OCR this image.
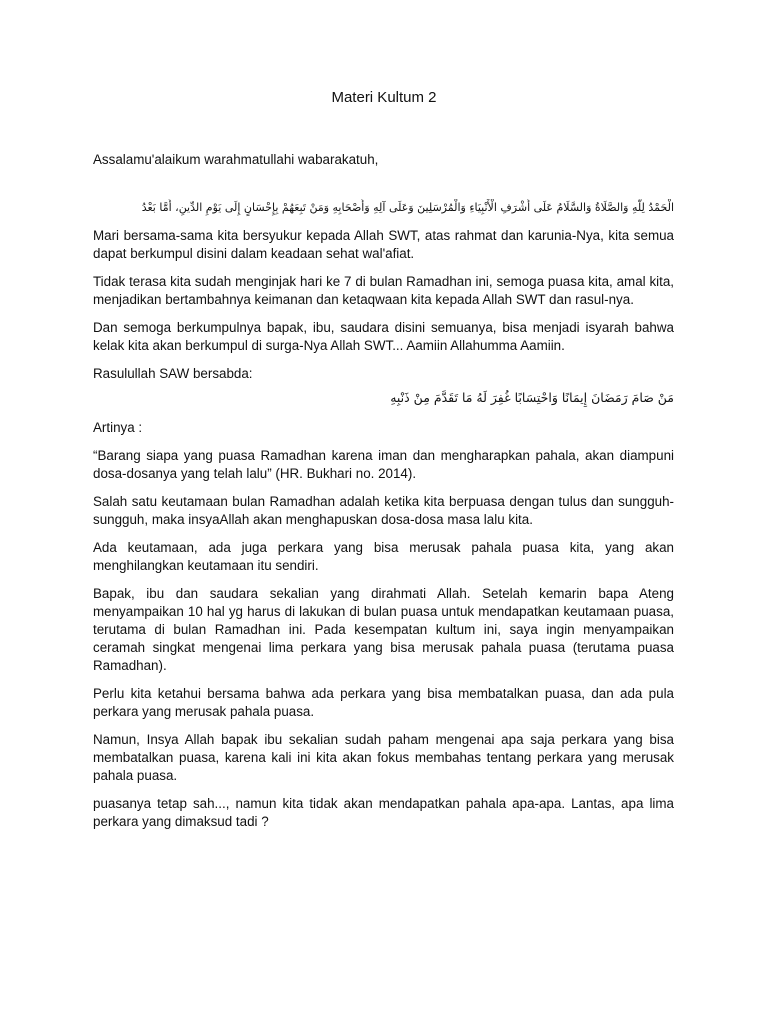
Materi Kultum 2

Assalamu'alaikum warahmatullahi wabarakatuh,

الْحَمْدُ لِلَّهِ وَالصَّلَاةُ وَالسَّلَامُ عَلَى أَشْرَفِ الْأَنْبِيَاءِ وَالْمُرْسَلِينَ وَعَلَى آلِهِ وَأَصْحَابِهِ وَمَنْ تَبِعَهُمْ بِإِحْسَانٍ إِلَى يَوْمِ الدِّينِ، أَمَّا بَعْدُ

Mari bersama-sama kita bersyukur kepada Allah SWT, atas rahmat dan karunia-Nya, kita semua dapat berkumpul disini dalam keadaan sehat wal'afiat.

Tidak terasa kita sudah menginjak hari ke 7 di bulan Ramadhan ini, semoga puasa kita, amal kita, menjadikan bertambahnya keimanan dan ketaqwaan kita kepada Allah SWT dan rasul-nya.

Dan semoga berkumpulnya bapak, ibu, saudara disini semuanya, bisa menjadi isyarah bahwa kelak kita akan berkumpul di surga-Nya Allah SWT... Aamiin Allahumma Aamiin.

Rasulullah SAW bersabda:

مَنْ صَامَ رَمَضَانَ إِيمَانًا وَاحْتِسَابًا غُفِرَ لَهُ مَا تَقَدَّمَ مِنْ ذَنْبِهِ

Artinya :

“Barang siapa yang puasa Ramadhan karena iman dan mengharapkan pahala, akan diampuni dosa-dosanya yang telah lalu” (HR. Bukhari no. 2014).

Salah satu keutamaan bulan Ramadhan adalah ketika kita berpuasa dengan tulus dan sungguh-sungguh, maka insyaAllah akan menghapuskan dosa-dosa masa lalu kita.

Ada keutamaan, ada juga perkara yang bisa merusak pahala puasa kita, yang akan menghilangkan keutamaan itu sendiri.

Bapak, ibu dan saudara sekalian yang dirahmati Allah. Setelah kemarin bapa Ateng menyampaikan 10 hal yg harus di lakukan di bulan puasa untuk mendapatkan keutamaan puasa, terutama di bulan Ramadhan ini. Pada kesempatan kultum ini, saya ingin menyampaikan ceramah singkat mengenai lima perkara yang bisa merusak pahala puasa (terutama puasa Ramadhan).

Perlu kita ketahui bersama bahwa ada perkara yang bisa membatalkan puasa, dan ada pula perkara yang merusak pahala puasa.

Namun, Insya Allah bapak ibu sekalian sudah paham mengenai apa saja perkara yang bisa membatalkan puasa, karena kali ini kita akan fokus membahas tentang perkara yang merusak pahala puasa.

puasanya tetap sah..., namun kita tidak akan mendapatkan pahala apa-apa. Lantas, apa lima perkara yang dimaksud tadi ?
